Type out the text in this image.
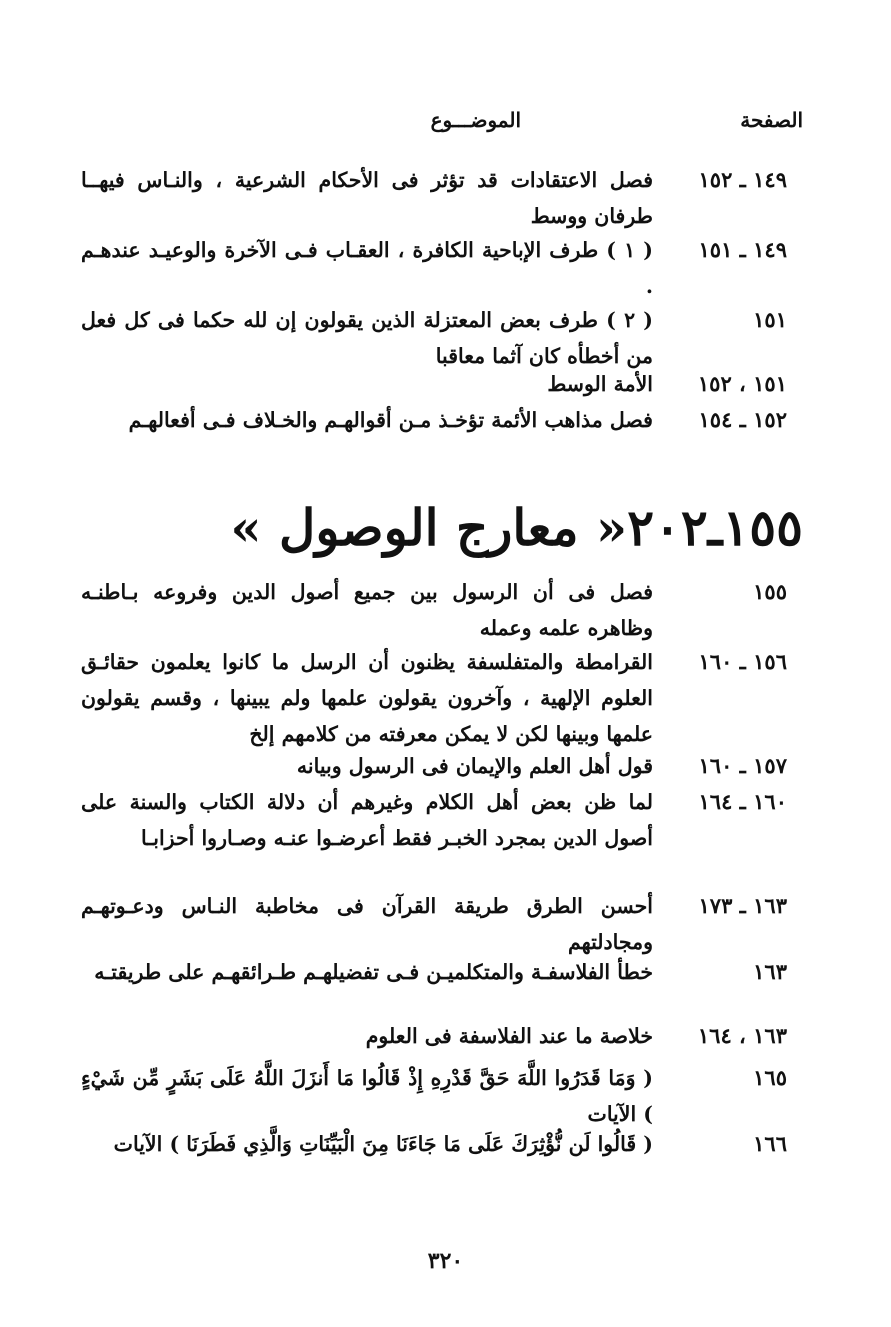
الصفحة
الموضـــوع
١٤٩ ـ ١٥٢
فصل الاعتقادات قد تؤثر فى الأحكام الشرعية ، والنـاس فيهــا طرفان ووسط
١٤٩ ـ ١٥١
( ١ ) طرف الإباحية الكافرة ، العقـاب فـى الآخرة والوعيـد عندهـم .
١٥١
( ٢ ) طرف بعض المعتزلة الذين يقولون إن لله حكما فى كل فعل من أخطأه كان آثما معاقبا
١٥١ ، ١٥٢
الأمة الوسط
١٥٢ ـ ١٥٤
فصل مذاهب الأئمة تؤخـذ مـن أقوالهـم والخـلاف فـى أفعالهـم
١٥٥ـ٢٠٢« معارج الوصول »
١٥٥
فصل فى أن الرسول بين جميع أصول الدين وفروعه بـاطنـه وظاهره علمه وعمله
١٥٦ ـ ١٦٠
القرامطة والمتفلسفة يظنون أن الرسل ما كانوا يعلمون حقائـق العلوم الإلهية ، وآخرون يقولون علمها ولم يبينها ، وقسم يقولون علمها وبينها لكن لا يمكن معرفته من كلامهم إلخ
١٥٧ ـ ١٦٠
قول أهل العلم والإيمان فى الرسول وبيانه
١٦٠ ـ ١٦٤
لما ظن بعض أهل الكلام وغيرهم أن دلالة الكتاب والسنة على أصول الدين بمجرد الخبـر فقط أعرضـوا عنـه وصـاروا أحزابـا
١٦٣ ـ ١٧٣
أحسن الطرق طريقة القرآن فى مخاطبة النـاس ودعـوتهـم ومجادلتهم
١٦٣
خطأ الفلاسفـة والمتكلميـن فـى تفضيلهـم طـرائقهـم على طريقتـه
١٦٣ ، ١٦٤
خلاصة ما عند الفلاسفة فى العلوم
١٦٥
( وَمَا قَدَرُوا اللَّهَ حَقَّ قَدْرِهِ إِذْ قَالُوا مَا أَنزَلَ اللَّهُ عَلَى بَشَرٍ مِّن شَيْءٍ ) الآيات
١٦٦
( قَالُوا لَن نُّؤْثِرَكَ عَلَى مَا جَاءَنَا مِنَ الْبَيِّنَاتِ وَالَّذِي فَطَرَنَا ) الآيات
٣٢٠
